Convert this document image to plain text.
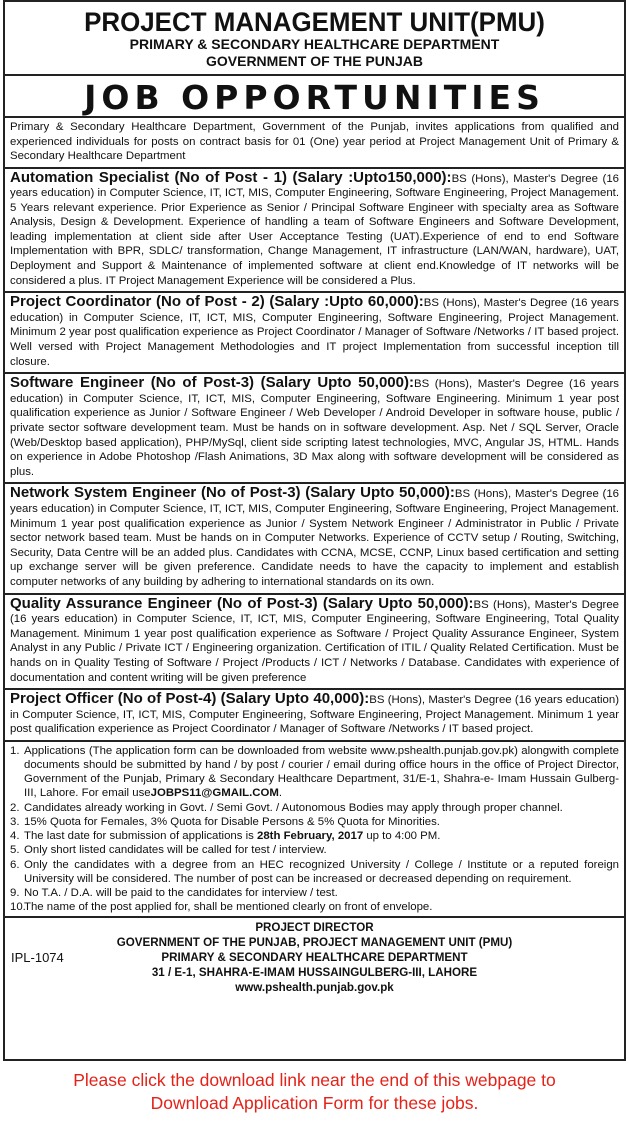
PROJECT MANAGEMENT UNIT(PMU)
PRIMARY & SECONDARY HEALTHCARE DEPARTMENT
GOVERNMENT OF THE PUNJAB
JOB OPPORTUNITIES
Primary & Secondary Healthcare Department, Government of the Punjab, invites applications from qualified and experienced individuals for posts on contract basis for 01 (One) year period at Project Management Unit of Primary & Secondary Healthcare Department
Automation Specialist (No of Post - 1) (Salary :Upto150,000):BS (Hons), Master's Degree (16 years education) in Computer Science, IT, ICT, MIS, Computer Engineering, Software Engineering, Project Management. 5 Years relevant experience. Prior Experience as Senior / Principal Software Engineer with specialty area as Software Analysis, Design & Development. Experience of handling a team of Software Engineers and Software Development, leading implementation at client side after User Acceptance Testing (UAT).Experience of end to end Software Implementation with BPR, SDLC/ transformation, Change Management, IT infrastructure (LAN/WAN, hardware), UAT, Deployment and Support & Maintenance of implemented software at client end.Knowledge of IT networks will be considered a plus. IT Project Management Experience will be considered a Plus.
Project Coordinator (No of Post - 2) (Salary :Upto 60,000):BS (Hons), Master's Degree (16 years education) in Computer Science, IT, ICT, MIS, Computer Engineering, Software Engineering, Project Management. Minimum 2 year post qualification experience as Project Coordinator / Manager of Software /Networks / IT based project. Well versed with Project Management Methodologies and IT project Implementation from successful inception till closure.
Software Engineer (No of Post-3) (Salary Upto 50,000):BS (Hons), Master's Degree (16 years education) in Computer Science, IT, ICT, MIS, Computer Engineering, Software Engineering. Minimum 1 year post qualification experience as Junior / Software Engineer / Web Developer / Android Developer in software house, public / private sector software development team. Must be hands on in software development. Asp. Net / SQL Server, Oracle (Web/Desktop based application), PHP/MySql, client side scripting latest technologies, MVC, Angular JS, HTML. Hands on experience in Adobe Photoshop /Flash Animations, 3D Max along with software development will be considered as plus.
Network System Engineer (No of Post-3) (Salary Upto 50,000):BS (Hons), Master's Degree (16 years education) in Computer Science, IT, ICT, MIS, Computer Engineering, Software Engineering, Project Management. Minimum 1 year post qualification experience as Junior / System Network Engineer / Administrator in Public / Private sector network based team. Must be hands on in Computer Networks. Experience of CCTV setup / Routing, Switching, Security, Data Centre will be an added plus. Candidates with CCNA, MCSE, CCNP, Linux based certification and setting up exchange server will be given preference. Candidate needs to have the capacity to implement and establish computer networks of any building by adhering to international standards on its own.
Quality Assurance Engineer (No of Post-3) (Salary Upto 50,000):BS (Hons), Master's Degree (16 years education) in Computer Science, IT, ICT, MIS, Computer Engineering, Software Engineering, Total Quality Management. Minimum 1 year post qualification experience as Software / Project Quality Assurance Engineer, System Analyst in any Public / Private ICT / Engineering organization. Certification of ITIL / Quality Related Certification. Must be hands on in Quality Testing of Software / Project /Products / ICT / Networks / Database. Candidates with experience of documentation and content writing will be given preference
Project Officer (No of Post-4) (Salary Upto 40,000):BS (Hons), Master's Degree (16 years education) in Computer Science, IT, ICT, MIS, Computer Engineering, Software Engineering, Project Management. Minimum 1 year post qualification experience as Project Coordinator / Manager of Software /Networks / IT based project.
1. Applications (The application form can be downloaded from website www.pshealth.punjab.gov.pk) alongwith complete documents should be submitted by hand / by post / courier / email during office hours in the office of Project Director, Government of the Punjab, Primary & Secondary Healthcare Department, 31/E-1, Shahra-e- Imam Hussain Gulberg-III, Lahore. For email useJOBPS11@GMAIL.COM.
2. Candidates already working in Govt. / Semi Govt. / Autonomous Bodies may apply through proper channel.
3. 15% Quota for Females, 3% Quota for Disable Persons & 5% Quota for Minorities.
4. The last date for submission of applications is 28th February, 2017 up to 4:00 PM.
5. Only short listed candidates will be called for test / interview.
6. Only the candidates with a degree from an HEC recognized University / College / Institute or a reputed foreign University will be considered. The number of post can be increased or decreased depending on requirement.
9. No T.A. / D.A. will be paid to the candidates for interview / test.
10.
The name of the post applied for, shall be mentioned clearly on front of envelope.
IPL-1074
PROJECT DIRECTOR
GOVERNMENT OF THE PUNJAB, PROJECT MANAGEMENT UNIT (PMU)
PRIMARY & SECONDARY HEALTHCARE DEPARTMENT
31 / E-1, SHAHRA-E-IMAM HUSSAINGULBERG-III, LAHORE
www.pshealth.punjab.gov.pk
Please click the download link near the end of this webpage to
Download Application Form for these jobs.
